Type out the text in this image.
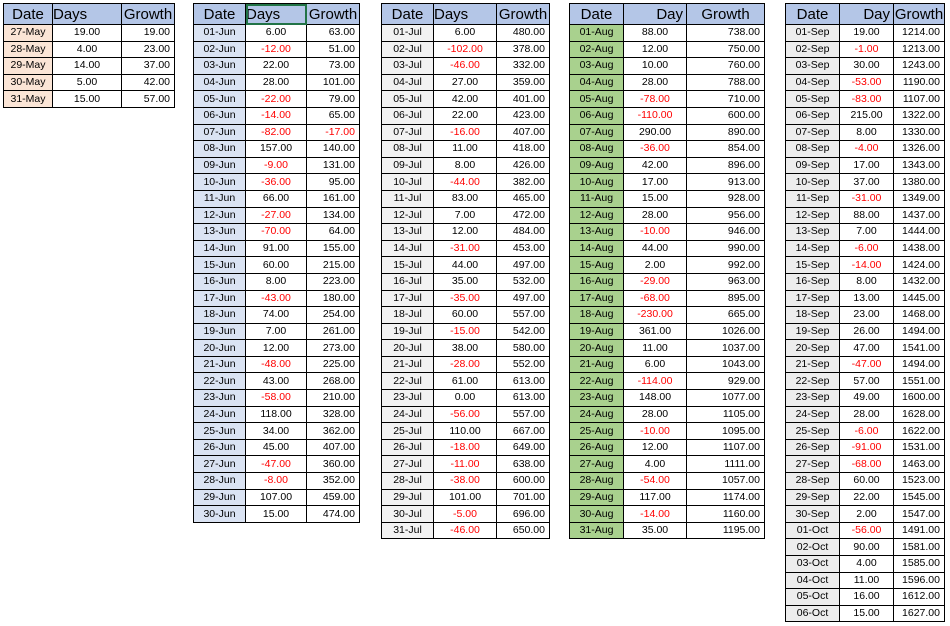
Date	Days	Growth
27-May	19.00	19.00
28-May	4.00	23.00
29-May	14.00	37.00
30-May	5.00	42.00
31-May	15.00	57.00
Date	Days	Growth
01-Jun	6.00	63.00
02-Jun	-12.00	51.00
03-Jun	22.00	73.00
04-Jun	28.00	101.00
05-Jun	-22.00	79.00
06-Jun	-14.00	65.00
07-Jun	-82.00	-17.00
08-Jun	157.00	140.00
09-Jun	-9.00	131.00
10-Jun	-36.00	95.00
11-Jun	66.00	161.00
12-Jun	-27.00	134.00
13-Jun	-70.00	64.00
14-Jun	91.00	155.00
15-Jun	60.00	215.00
16-Jun	8.00	223.00
17-Jun	-43.00	180.00
18-Jun	74.00	254.00
19-Jun	7.00	261.00
20-Jun	12.00	273.00
21-Jun	-48.00	225.00
22-Jun	43.00	268.00
23-Jun	-58.00	210.00
24-Jun	118.00	328.00
25-Jun	34.00	362.00
26-Jun	45.00	407.00
27-Jun	-47.00	360.00
28-Jun	-8.00	352.00
29-Jun	107.00	459.00
30-Jun	15.00	474.00
Date	Days	Growth
01-Jul	6.00	480.00
02-Jul	-102.00	378.00
03-Jul	-46.00	332.00
04-Jul	27.00	359.00
05-Jul	42.00	401.00
06-Jul	22.00	423.00
07-Jul	-16.00	407.00
08-Jul	11.00	418.00
09-Jul	8.00	426.00
10-Jul	-44.00	382.00
11-Jul	83.00	465.00
12-Jul	7.00	472.00
13-Jul	12.00	484.00
14-Jul	-31.00	453.00
15-Jul	44.00	497.00
16-Jul	35.00	532.00
17-Jul	-35.00	497.00
18-Jul	60.00	557.00
19-Jul	-15.00	542.00
20-Jul	38.00	580.00
21-Jul	-28.00	552.00
22-Jul	61.00	613.00
23-Jul	0.00	613.00
24-Jul	-56.00	557.00
25-Jul	110.00	667.00
26-Jul	-18.00	649.00
27-Jul	-11.00	638.00
28-Jul	-38.00	600.00
29-Jul	101.00	701.00
30-Jul	-5.00	696.00
31-Jul	-46.00	650.00
Date	Day	Growth
01-Aug	88.00	738.00
02-Aug	12.00	750.00
03-Aug	10.00	760.00
04-Aug	28.00	788.00
05-Aug	-78.00	710.00
06-Aug	-110.00	600.00
07-Aug	290.00	890.00
08-Aug	-36.00	854.00
09-Aug	42.00	896.00
10-Aug	17.00	913.00
11-Aug	15.00	928.00
12-Aug	28.00	956.00
13-Aug	-10.00	946.00
14-Aug	44.00	990.00
15-Aug	2.00	992.00
16-Aug	-29.00	963.00
17-Aug	-68.00	895.00
18-Aug	-230.00	665.00
19-Aug	361.00	1026.00
20-Aug	11.00	1037.00
21-Aug	6.00	1043.00
22-Aug	-114.00	929.00
23-Aug	148.00	1077.00
24-Aug	28.00	1105.00
25-Aug	-10.00	1095.00
26-Aug	12.00	1107.00
27-Aug	4.00	1111.00
28-Aug	-54.00	1057.00
29-Aug	117.00	1174.00
30-Aug	-14.00	1160.00
31-Aug	35.00	1195.00
Date	Day	Growth
01-Sep	19.00	1214.00
02-Sep	-1.00	1213.00
03-Sep	30.00	1243.00
04-Sep	-53.00	1190.00
05-Sep	-83.00	1107.00
06-Sep	215.00	1322.00
07-Sep	8.00	1330.00
08-Sep	-4.00	1326.00
09-Sep	17.00	1343.00
10-Sep	37.00	1380.00
11-Sep	-31.00	1349.00
12-Sep	88.00	1437.00
13-Sep	7.00	1444.00
14-Sep	-6.00	1438.00
15-Sep	-14.00	1424.00
16-Sep	8.00	1432.00
17-Sep	13.00	1445.00
18-Sep	23.00	1468.00
19-Sep	26.00	1494.00
20-Sep	47.00	1541.00
21-Sep	-47.00	1494.00
22-Sep	57.00	1551.00
23-Sep	49.00	1600.00
24-Sep	28.00	1628.00
25-Sep	-6.00	1622.00
26-Sep	-91.00	1531.00
27-Sep	-68.00	1463.00
28-Sep	60.00	1523.00
29-Sep	22.00	1545.00
30-Sep	2.00	1547.00
01-Oct	-56.00	1491.00
02-Oct	90.00	1581.00
03-Oct	4.00	1585.00
04-Oct	11.00	1596.00
05-Oct	16.00	1612.00
06-Oct	15.00	1627.00
